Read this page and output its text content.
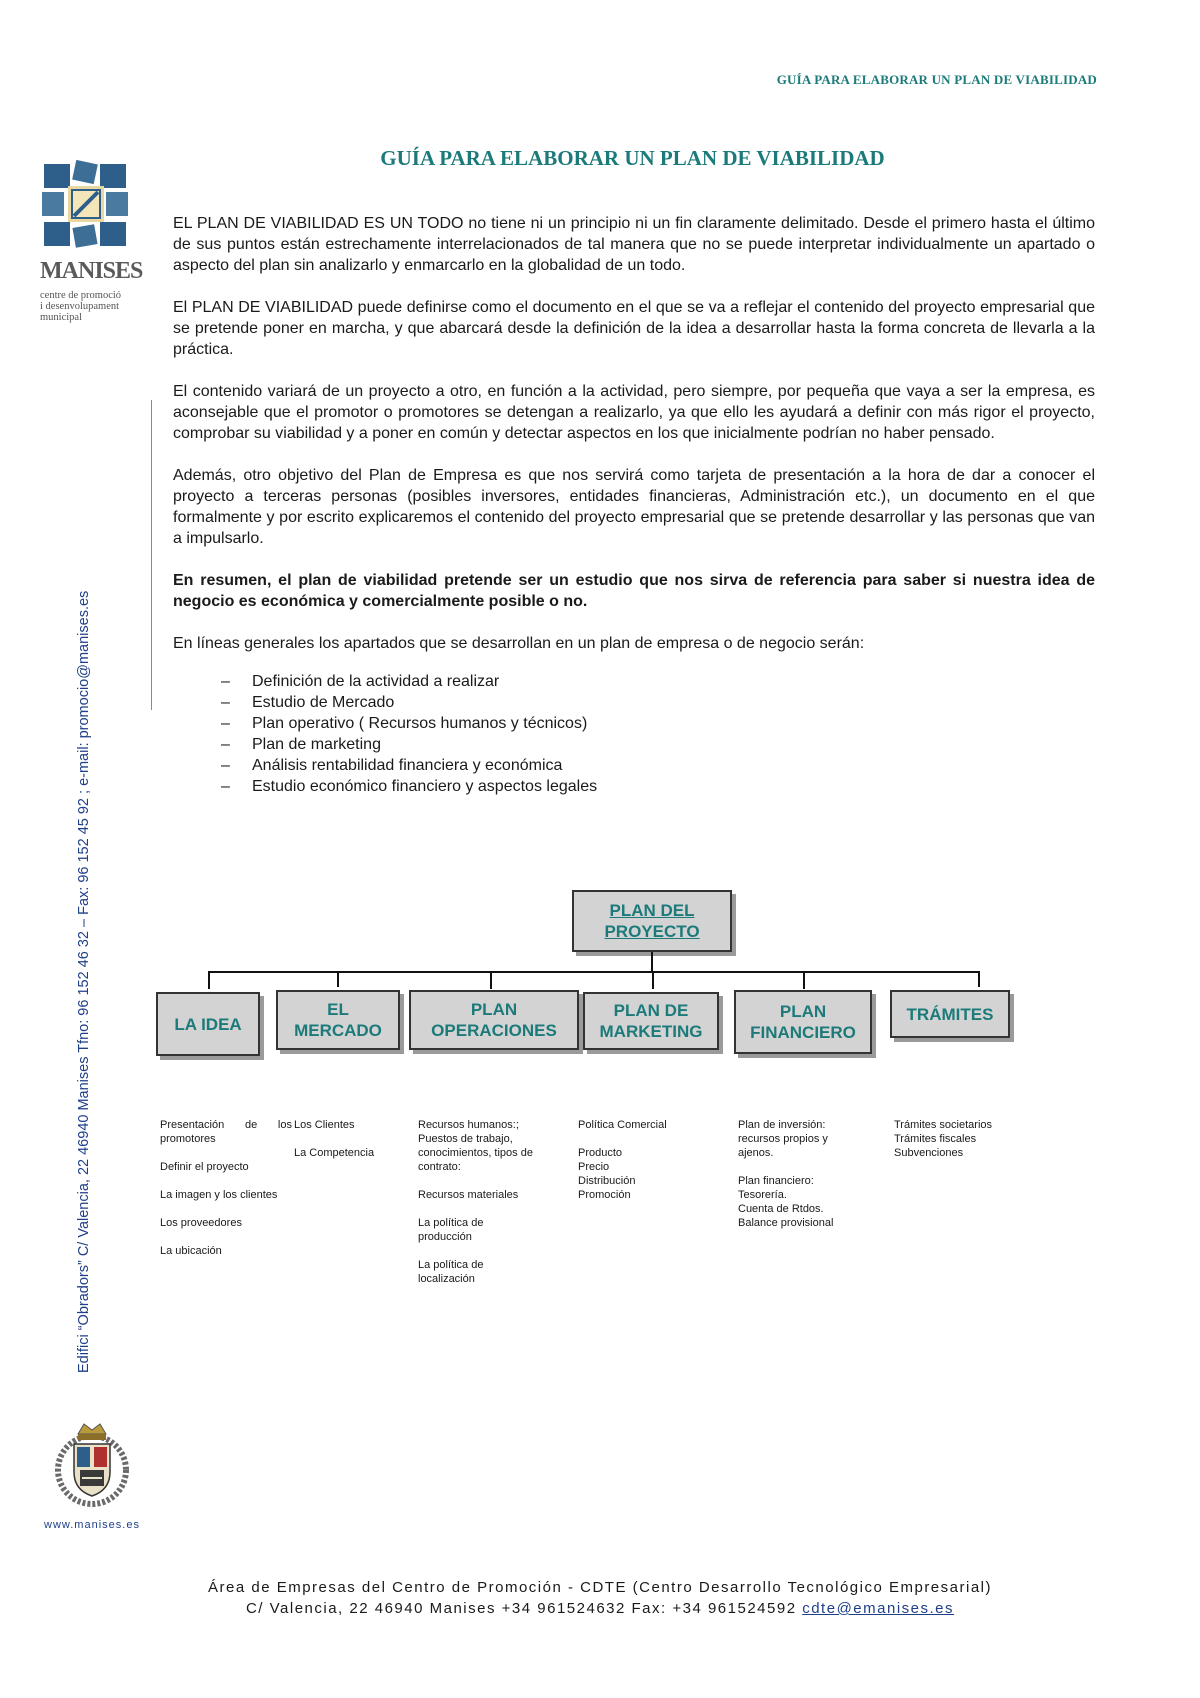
GUÍA PARA ELABORAR UN PLAN DE VIABILIDAD
GUÍA PARA ELABORAR UN PLAN DE VIABILIDAD

MANISES
centre de promoció
i desenvolupament
municipal
Edifici “Obradors” C/ Valencia, 22 46940 Manises Tfno: 96 152 46 32 – Fax: 96 152 45 92 ; e-mail: promocio@manises.es

EL PLAN DE VIABILIDAD ES UN TODO no tiene ni un principio ni un fin claramente delimitado. Desde el primero hasta el último de sus puntos están estrechamente interrelacionados de tal manera que no se puede interpretar individualmente un apartado o aspecto del plan sin analizarlo y enmarcarlo en la globalidad de un todo.

El PLAN DE VIABILIDAD puede definirse como el documento en el que se va a reflejar el contenido del proyecto empresarial que se pretende poner en marcha, y que abarcará desde la definición de la idea a desarrollar hasta la forma concreta de llevarla a la práctica.

El contenido variará de un proyecto a otro, en función a la actividad, pero siempre, por pequeña que vaya a ser la empresa, es aconsejable que el promotor o promotores se detengan a realizarlo, ya que ello les ayudará a definir con más rigor el proyecto, comprobar su viabilidad y a poner en común y detectar aspectos en los que inicialmente podrían no haber pensado.

Además, otro objetivo del Plan de Empresa es que nos servirá como tarjeta de presentación a la hora de dar a conocer el proyecto a terceras personas (posibles inversores, entidades financieras, Administración etc.), un documento en el que formalmente y por escrito explicaremos el contenido del proyecto empresarial que se pretende desarrollar y las personas que van a impulsarlo.

En resumen, el plan de viabilidad pretende ser un estudio que nos sirva de referencia para saber si nuestra idea de negocio es económica y comercialmente posible o no.

En líneas generales los apartados que se desarrollan en un plan de empresa o de negocio serán:

– Definición de la actividad a realizar
– Estudio de Mercado
– Plan operativo ( Recursos humanos y técnicos)
– Plan de marketing
– Análisis rentabilidad financiera y económica
– Estudio económico financiero y aspectos legales
PLAN DEL
PROYECTO
LA IDEA
EL
MERCADO
PLAN
OPERACIONES
PLAN DE
MARKETING
PLAN
FINANCIERO
TRÁMITES

Presentación de los promotores

Definir el proyecto

La imagen y los clientes

Los proveedores

La ubicación

Los Clientes

La Competencia

Recursos humanos:; Puestos de trabajo, conocimientos, tipos de contrato:

Recursos materiales

La política de producción

La política de localización

Política Comercial

Producto

Precio

Distribución

Promoción

Plan de inversión: recursos propios y ajenos.

Plan financiero:

Tesorería.

Cuenta de Rtdos.

Balance provisional

Trámites societarios

Trámites fiscales

Subvenciones

www.manises.es
Área de Empresas del Centro de Promoción - CDTE (Centro Desarrollo Tecnológico Empresarial)
C/ Valencia, 22 46940 Manises +34 961524632 Fax: +34 961524592 cdte@emanises.es
